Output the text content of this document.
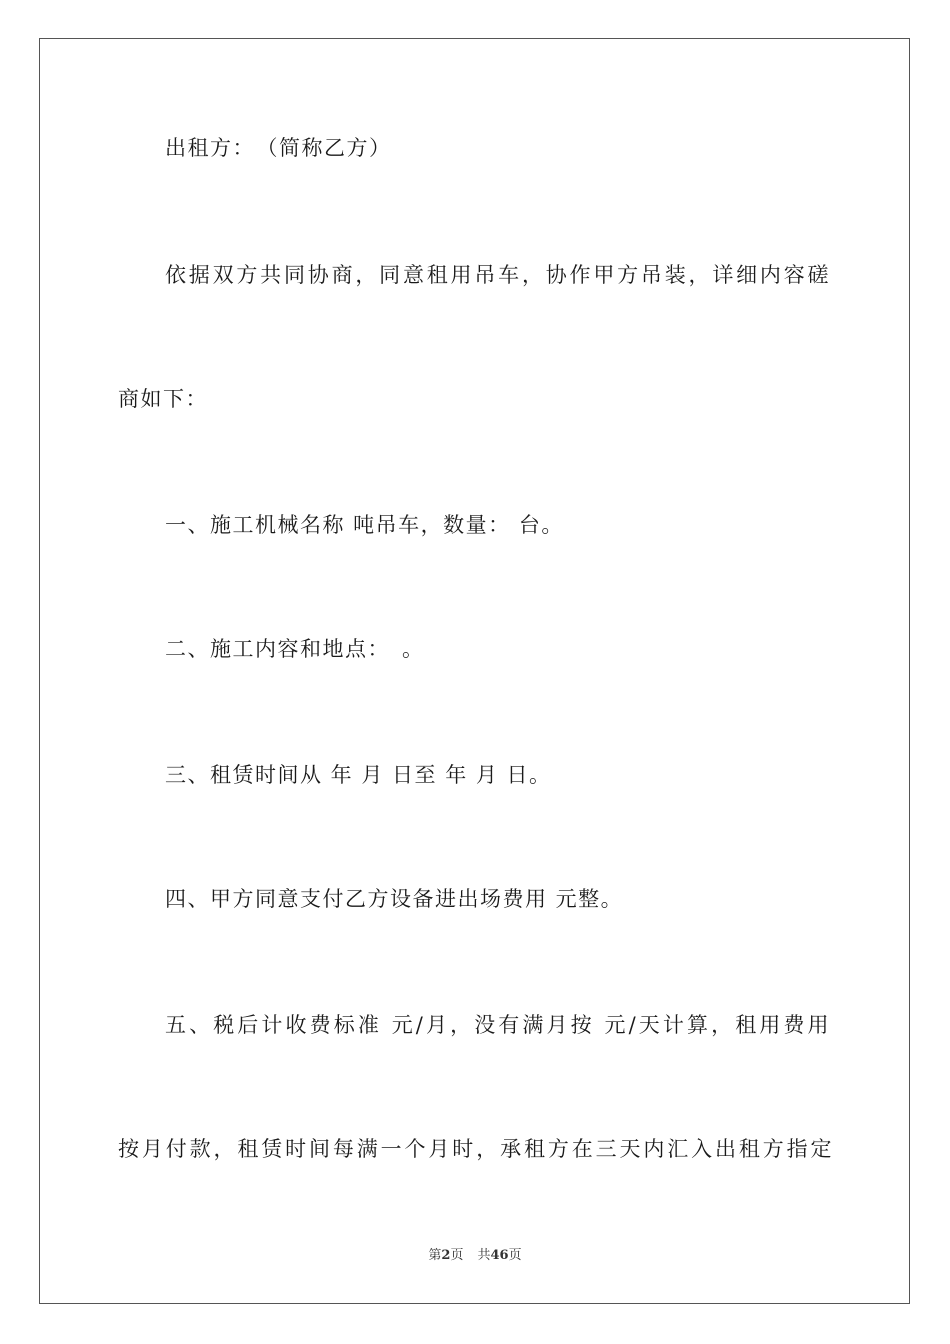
出租方：　（简称乙方）

依据双方共同协商，同意租用吊车，协作甲方吊装，详细内容磋

商如下：

一、施工机械名称 吨吊车，数量： 台。

二、施工内容和地点：　。

三、租赁时间从 年 月 日至 年 月 日。

四、甲方同意支付乙方设备进出场费用 元整。

五、税后计收费标准 元/月，没有满月按 元/天计算，租用费用

按月付款，租赁时间每满一个月时，承租方在三天内汇入出租方指定

第2页 共46页
